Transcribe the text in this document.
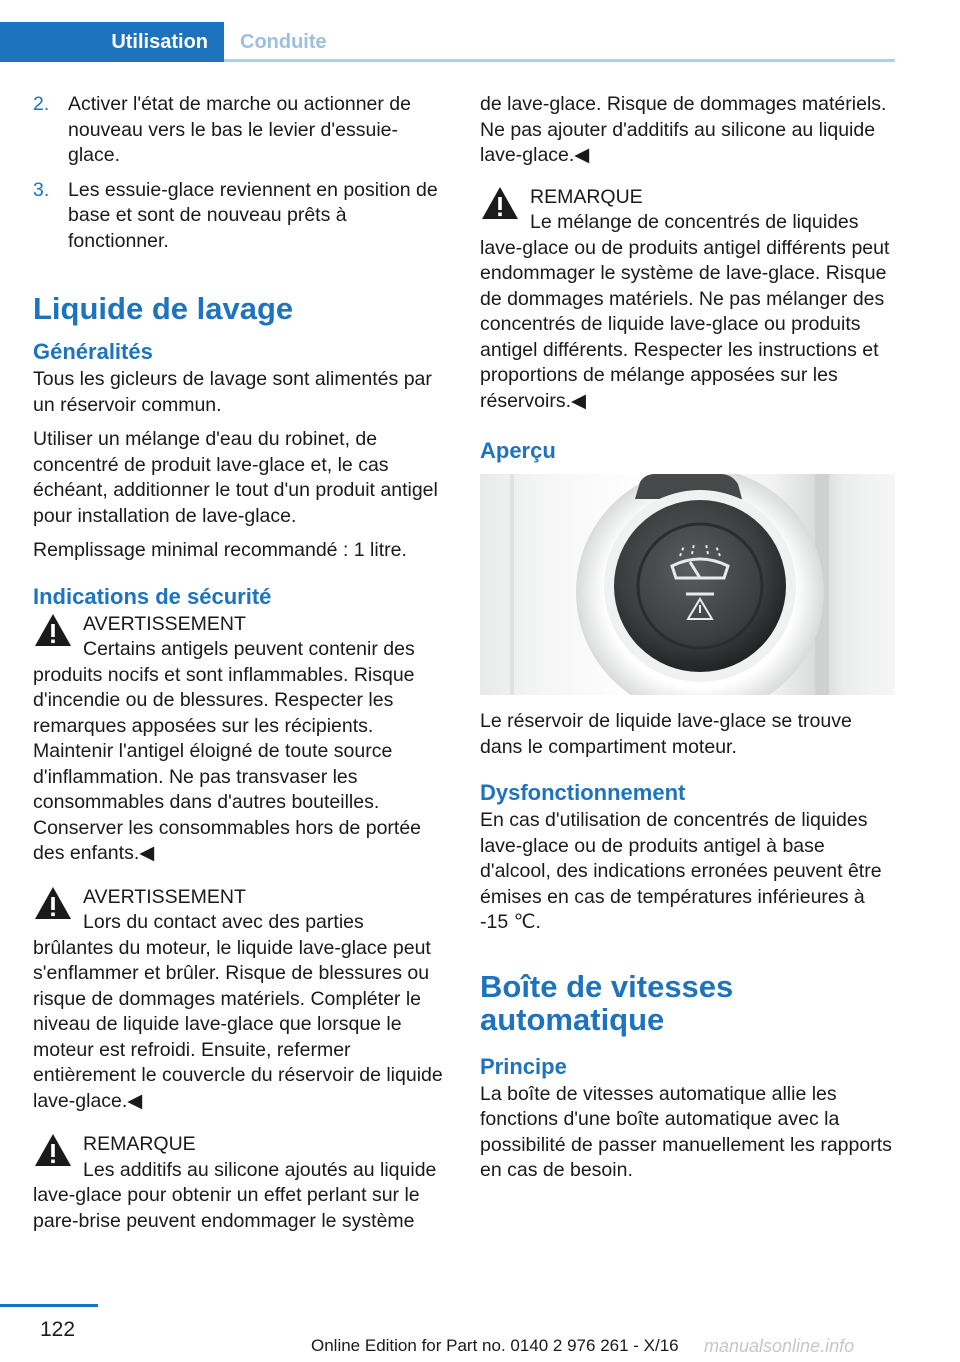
Utilisation	Conduite
2. Activer l'état de marche ou actionner de nouveau vers le bas le levier d'essuie-glace.
3. Les essuie-glace reviennent en position de base et sont de nouveau prêts à fonctionner.
Liquide de lavage
Généralités

Tous les gicleurs de lavage sont alimentés par un réservoir commun.

Utiliser un mélange d'eau du robinet, de concentré de produit lave-glace et, le cas échéant, additionner le tout d'un produit antigel pour installation de lave-glace.

Remplissage minimal recommandé : 1 litre.

Indications de sécurité
AVERTISSEMENT
Certains antigels peuvent contenir des produits nocifs et sont inflammables. Risque d'incendie ou de blessures. Respecter les remarques apposées sur les récipients. Maintenir l'antigel éloigné de toute source d'inflammation. Ne pas transvaser les consommables dans d'autres bouteilles. Conserver les consommables hors de portée des enfants.◀
AVERTISSEMENT
Lors du contact avec des parties brûlantes du moteur, le liquide lave-glace peut s'enflammer et brûler. Risque de blessures ou risque de dommages matériels. Compléter le niveau de liquide lave-glace que lorsque le moteur est refroidi. Ensuite, refermer entièrement le couvercle du réservoir de liquide lave-glace.◀
REMARQUE
Les additifs au silicone ajoutés au liquide lave-glace pour obtenir un effet perlant sur le pare-brise peuvent endommager le système

de lave-glace. Risque de dommages matériels. Ne pas ajouter d'additifs au silicone au liquide lave-glace.◀

REMARQUE
Le mélange de concentrés de liquides lave-glace ou de produits antigel différents peut endommager le système de lave-glace. Risque de dommages matériels. Ne pas mélanger des concentrés de liquide lave-glace ou produits antigel différents. Respecter les instructions et proportions de mélange apposées sur les réservoirs.◀
Aperçu

Le réservoir de liquide lave-glace se trouve dans le compartiment moteur.

Dysfonctionnement

En cas d'utilisation de concentrés de liquides lave-glace ou de produits antigel à base d'alcool, des indications erronées peuvent être émises en cas de températures inférieures à -15 ℃.

Boîte de vitesses automatique
Principe

La boîte de vitesses automatique allie les fonctions d'une boîte automatique avec la possibilité de passer manuellement les rapports en cas de besoin.

122
Online Edition for Part no. 0140 2 976 261 - X/16 manualsonline.info
